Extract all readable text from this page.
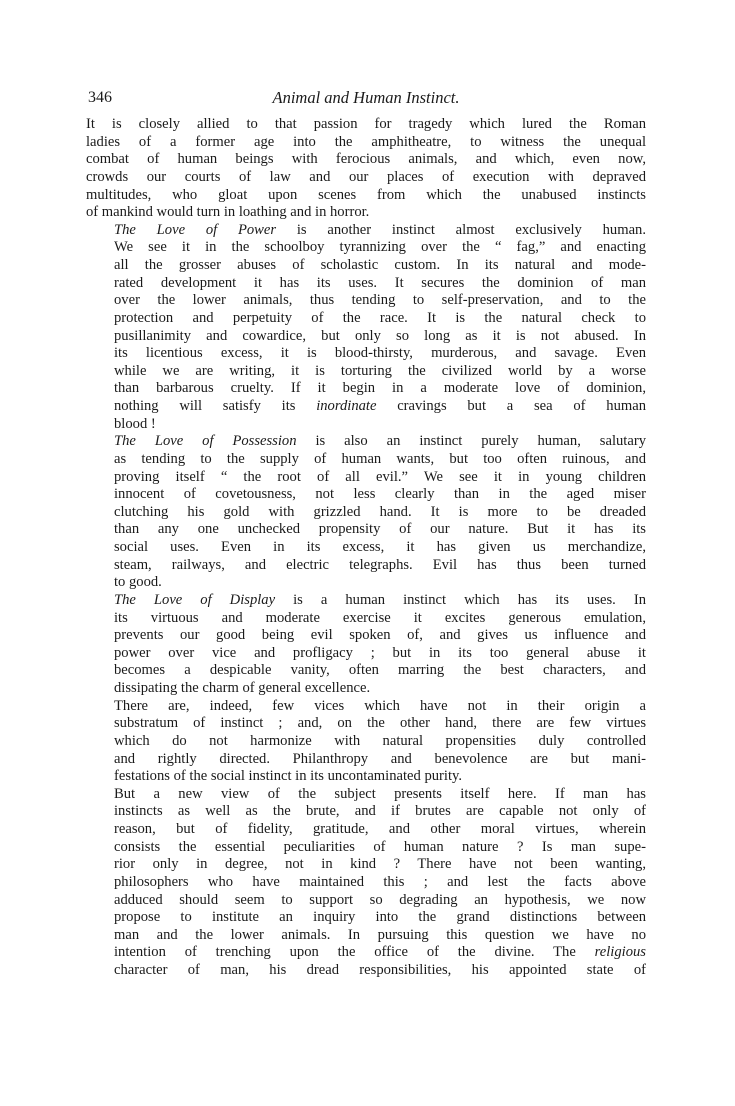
346	Animal and Human Instinct.
It is closely allied to that passion for tragedy which lured the Roman
ladies of a former age into the amphitheatre, to witness the unequal
combat of human beings with ferocious animals, and which, even now,
crowds our courts of law and our places of execution with depraved
multitudes, who gloat upon scenes from which the unabused instincts
of mankind would turn in loathing and in horror.
The Love of Power is another instinct almost exclusively human.
We see it in the schoolboy tyrannizing over the “ fag,” and enacting
all the grosser abuses of scholastic custom. In its natural and mode-
rated development it has its uses. It secures the dominion of man
over the lower animals, thus tending to self-preservation, and to the
protection and perpetuity of the race. It is the natural check to
pusillanimity and cowardice, but only so long as it is not abused. In
its licentious excess, it is blood-thirsty, murderous, and savage. Even
while we are writing, it is torturing the civilized world by a worse
than barbarous cruelty. If it begin in a moderate love of dominion,
nothing will satisfy its inordinate cravings but a sea of human
blood !
The Love of Possession is also an instinct purely human, salutary
as tending to the supply of human wants, but too often ruinous, and
proving itself “ the root of all evil.” We see it in young children
innocent of covetousness, not less clearly than in the aged miser
clutching his gold with grizzled hand. It is more to be dreaded
than any one unchecked propensity of our nature. But it has its
social uses. Even in its excess, it has given us merchandize,
steam, railways, and electric telegraphs. Evil has thus been turned
to good.
The Love of Display is a human instinct which has its uses. In
its virtuous and moderate exercise it excites generous emulation,
prevents our good being evil spoken of, and gives us influence and
power over vice and profligacy ; but in its too general abuse it
becomes a despicable vanity, often marring the best characters, and
dissipating the charm of general excellence.
There are, indeed, few vices which have not in their origin a
substratum of instinct ; and, on the other hand, there are few virtues
which do not harmonize with natural propensities duly controlled
and rightly directed. Philanthropy and benevolence are but mani-
festations of the social instinct in its uncontaminated purity.
But a new view of the subject presents itself here. If man has
instincts as well as the brute, and if brutes are capable not only of
reason, but of fidelity, gratitude, and other moral virtues, wherein
consists the essential peculiarities of human nature ? Is man supe-
rior only in degree, not in kind ? There have not been wanting,
philosophers who have maintained this ; and lest the facts above
adduced should seem to support so degrading an hypothesis, we now
propose to institute an inquiry into the grand distinctions between
man and the lower animals. In pursuing this question we have no
intention of trenching upon the office of the divine. The religious
character of man, his dread responsibilities, his appointed state of
